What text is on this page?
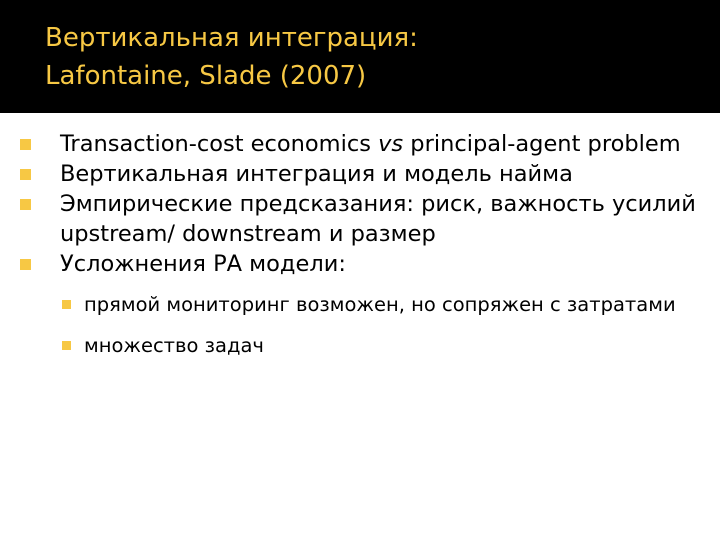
Вертикальная интеграция:
Lafontaine, Slade (2007)
Transaction-cost economics vs principal-agent problem
Вертикальная интеграция и модель найма
Эмпирические предсказания: риск, важность усилий upstream/ downstream и размер
Усложнения РА модели:
прямой мониторинг возможен, но сопряжен с затратами
множество задач
